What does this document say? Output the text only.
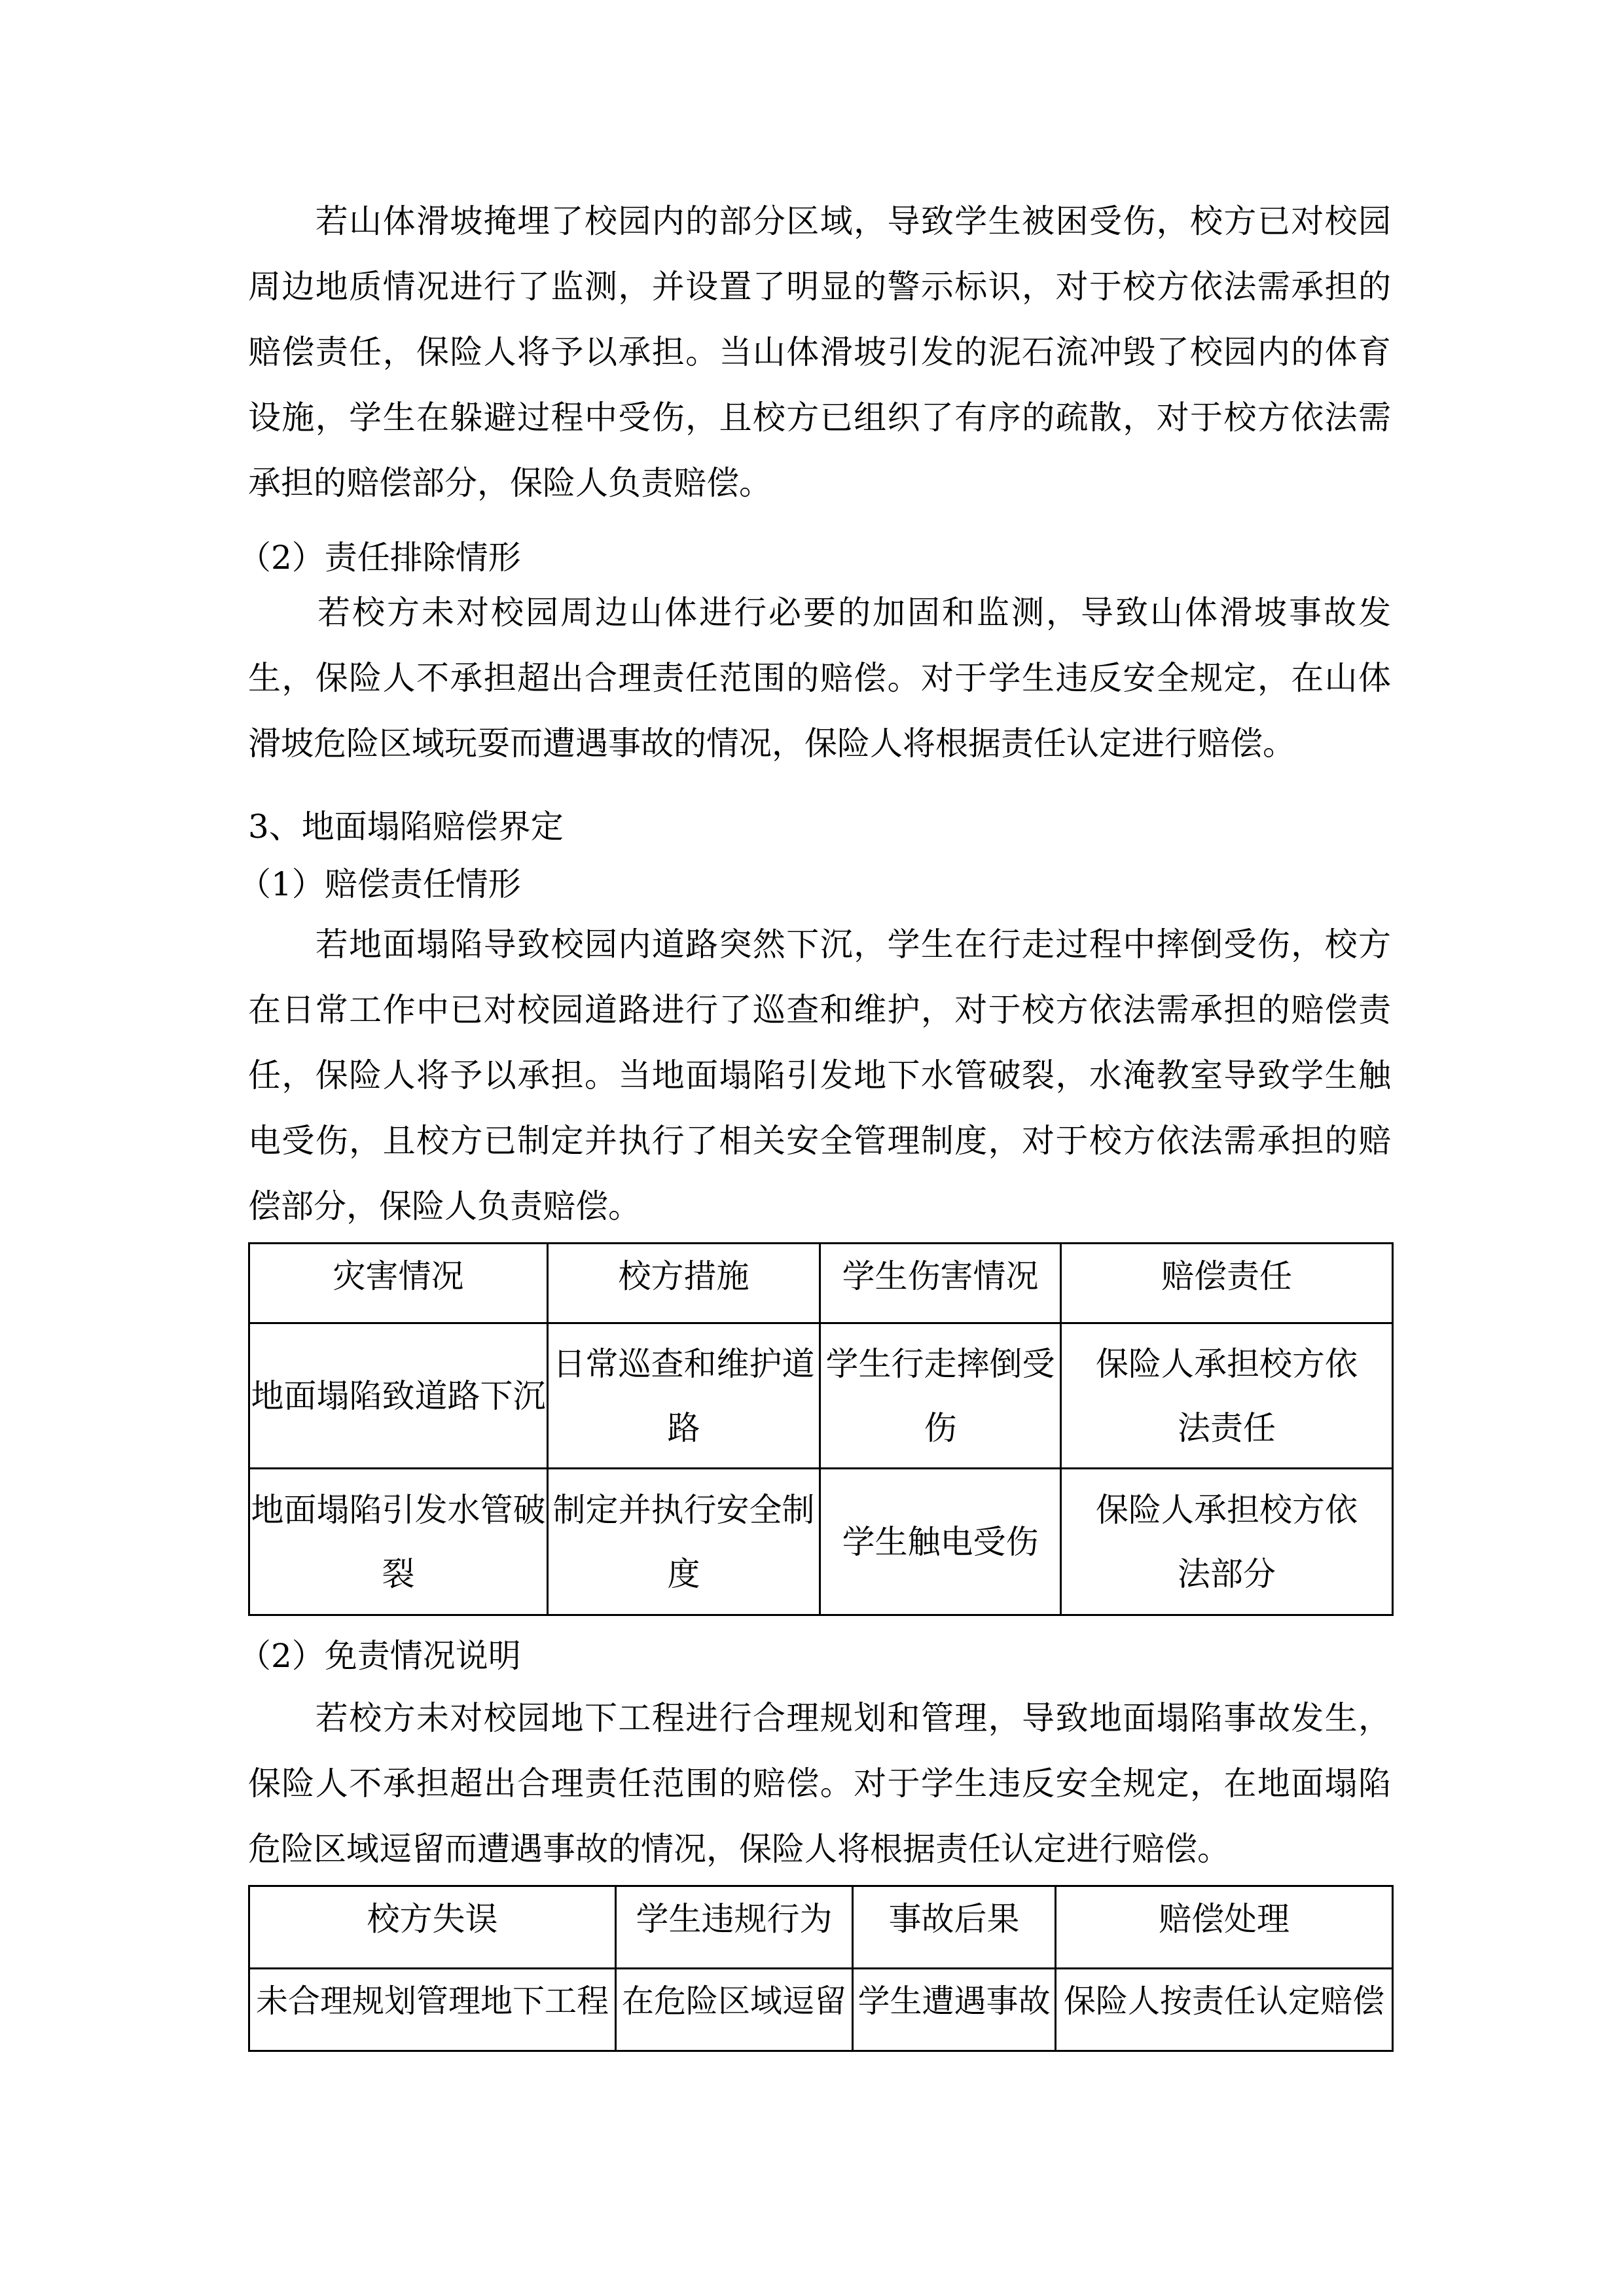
　　若山体滑坡掩埋了校园内的部分区域，导致学生被困受伤，校方已对校园
周边地质情况进行了监测，并设置了明显的警示标识，对于校方依法需承担的
赔偿责任，保险人将予以承担。当山体滑坡引发的泥石流冲毁了校园内的体育
设施，学生在躲避过程中受伤，且校方已组织了有序的疏散，对于校方依法需
承担的赔偿部分，保险人负责赔偿。
（2）责任排除情形
　　若校方未对校园周边山体进行必要的加固和监测，导致山体滑坡事故发
生，保险人不承担超出合理责任范围的赔偿。对于学生违反安全规定，在山体
滑坡危险区域玩耍而遭遇事故的情况，保险人将根据责任认定进行赔偿。
3、地面塌陷赔偿界定
（1）赔偿责任情形
　　若地面塌陷导致校园内道路突然下沉，学生在行走过程中摔倒受伤，校方
在日常工作中已对校园道路进行了巡查和维护，对于校方依法需承担的赔偿责
任，保险人将予以承担。当地面塌陷引发地下水管破裂，水淹教室导致学生触
电受伤，且校方已制定并执行了相关安全管理制度，对于校方依法需承担的赔
偿部分，保险人负责赔偿。
灾害情况	校方措施	学生伤害情况	赔偿责任
地面塌陷致道路下沉	日常巡查和维护道路	学生行走摔倒受伤	保险人承担校方依法责任
地面塌陷引发水管破裂	制定并执行安全制度	学生触电受伤	保险人承担校方依法部分
（2）免责情况说明
　　若校方未对校园地下工程进行合理规划和管理，导致地面塌陷事故发生，
保险人不承担超出合理责任范围的赔偿。对于学生违反安全规定，在地面塌陷
危险区域逗留而遭遇事故的情况，保险人将根据责任认定进行赔偿。
校方失误	学生违规行为	事故后果	赔偿处理
未合理规划管理地下工程	在危险区域逗留	学生遭遇事故	保险人按责任认定赔偿
